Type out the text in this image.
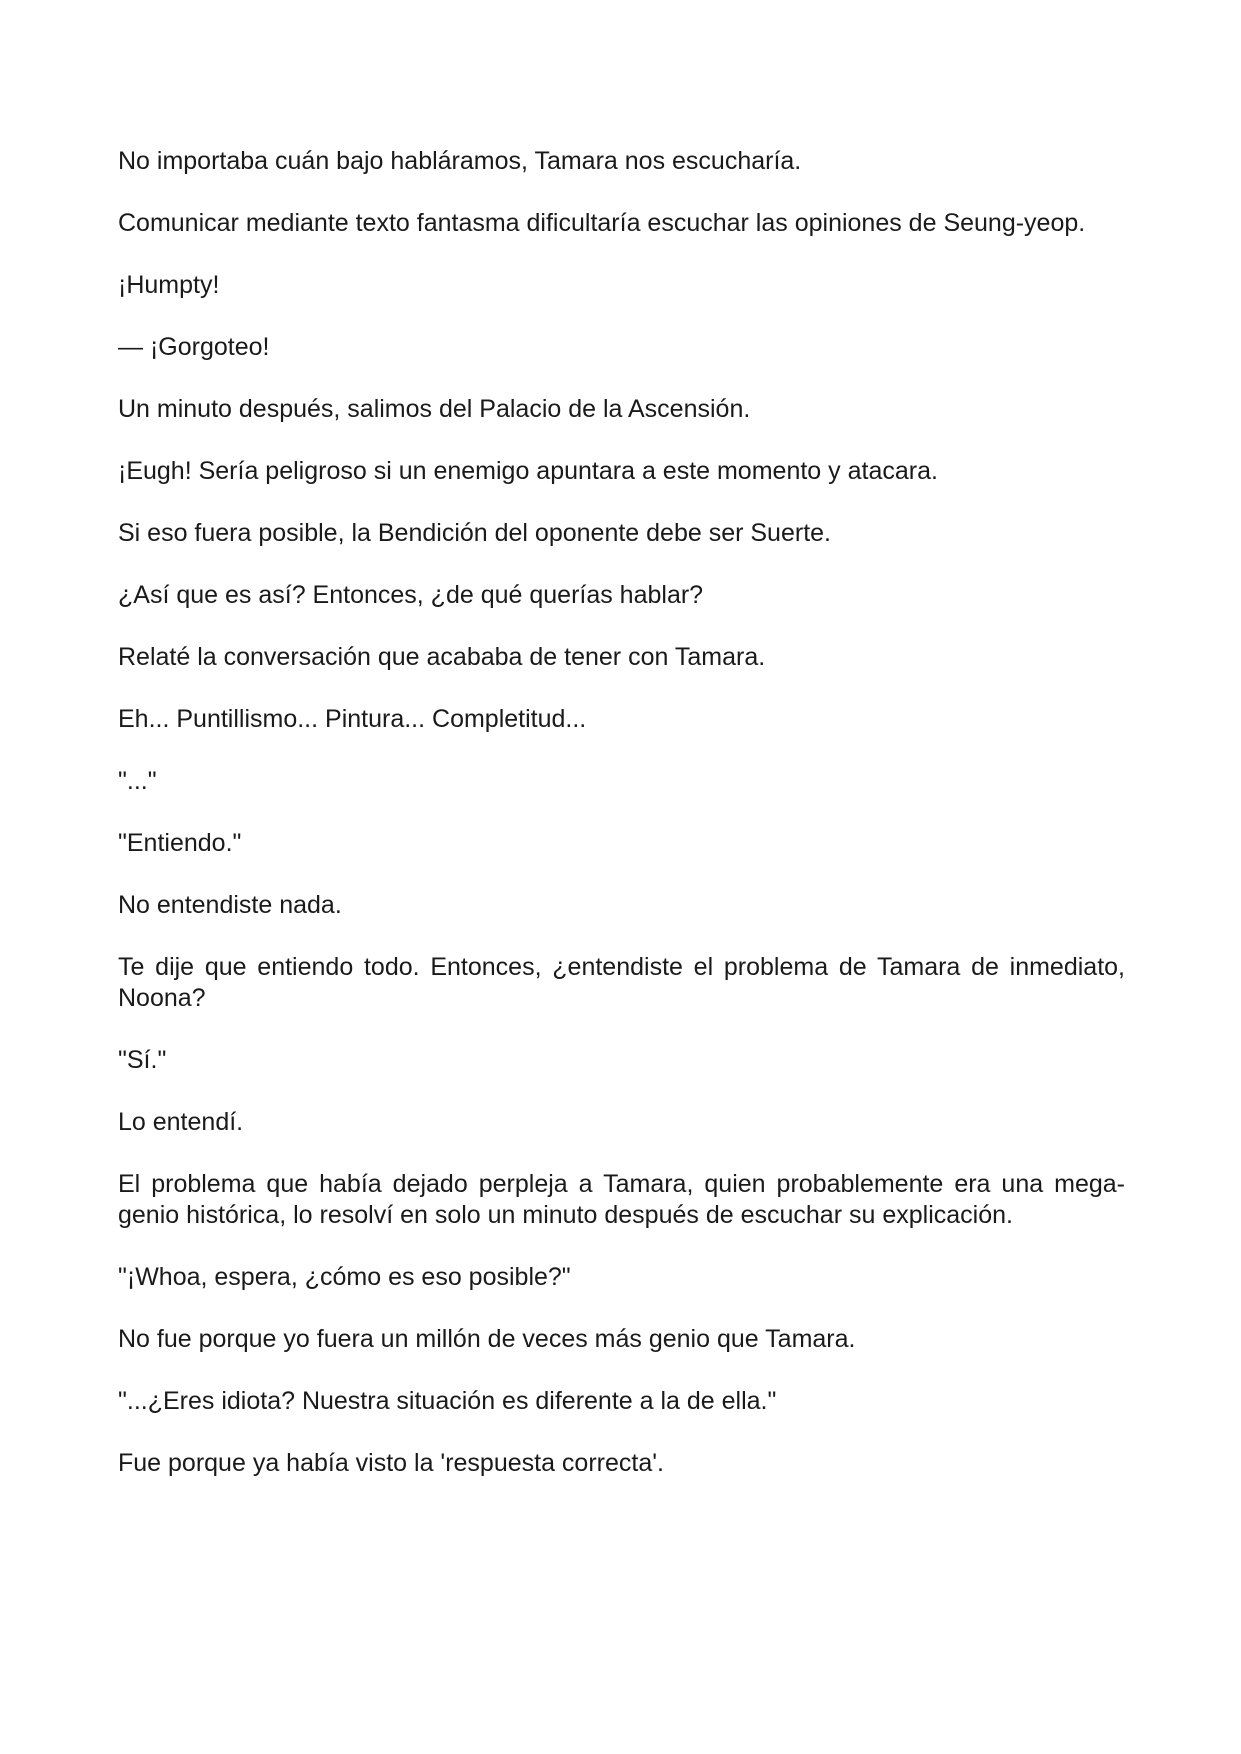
No importaba cuán bajo habláramos, Tamara nos escucharía.

Comunicar mediante texto fantasma dificultaría escuchar las opiniones de Seung-yeop.

¡Humpty!

— ¡Gorgoteo!

Un minuto después, salimos del Palacio de la Ascensión.

¡Eugh! Sería peligroso si un enemigo apuntara a este momento y atacara.

Si eso fuera posible, la Bendición del oponente debe ser Suerte.

¿Así que es así? Entonces, ¿de qué querías hablar?

Relaté la conversación que acababa de tener con Tamara.

Eh... Puntillismo... Pintura... Completitud...

"..."

"Entiendo."

No entendiste nada.

Te dije que entiendo todo. Entonces, ¿entendiste el problema de Tamara de inmediato, Noona?

"Sí."

Lo entendí.

El problema que había dejado perpleja a Tamara, quien probablemente era una mega-genio histórica, lo resolví en solo un minuto después de escuchar su explicación.

"¡Whoa, espera, ¿cómo es eso posible?"

No fue porque yo fuera un millón de veces más genio que Tamara.

"...¿Eres idiota? Nuestra situación es diferente a la de ella."

Fue porque ya había visto la 'respuesta correcta'.
